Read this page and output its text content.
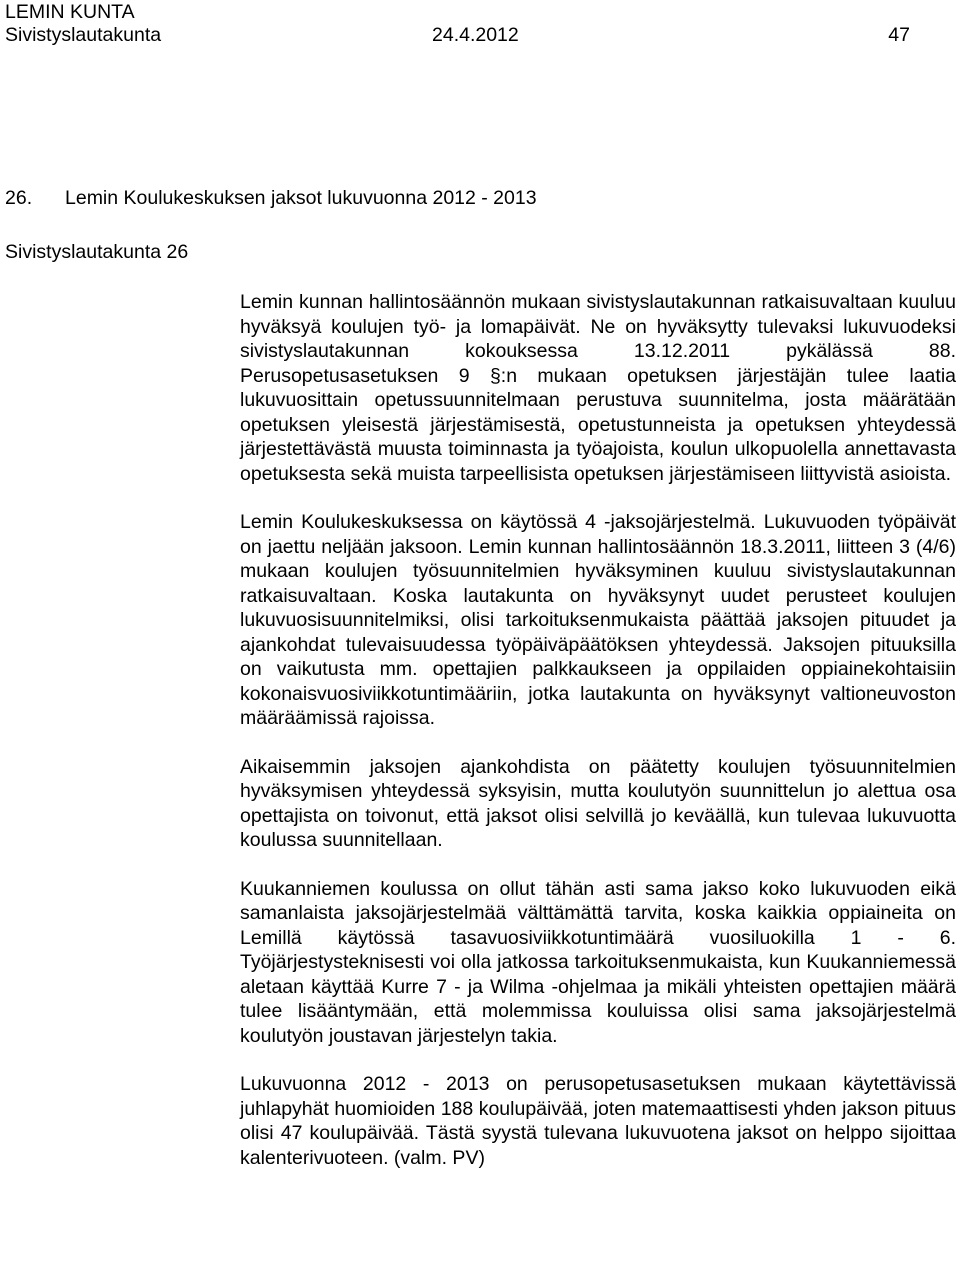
LEMIN KUNTA
Sivistyslautakunta	24.4.2012	47
26. Lemin Koulukeskuksen jaksot lukuvuonna 2012 - 2013
Sivistyslautakunta 26

Lemin kunnan hallintosäännön mukaan sivistyslautakunnan ratkaisuvaltaan kuuluu hyväksyä koulujen työ- ja lomapäivät. Ne on hyväksytty tulevaksi lukuvuodeksi sivistyslautakunnan kokouksessa 13.12.2011 pykälässä 88. Perusopetusasetuksen 9 §:n mukaan opetuksen järjestäjän tulee laatia lukuvuosittain opetussuunnitelmaan perustuva suunnitelma, josta määrätään opetuksen yleisestä järjestämisestä, opetustunneista ja opetuksen yhteydessä järjestettävästä muusta toiminnasta ja työajoista, koulun ulkopuolella annettavasta opetuksesta sekä muista tarpeellisista opetuksen järjestämiseen liittyvistä asioista.

Lemin Koulukeskuksessa on käytössä 4 -jaksojärjestelmä. Lukuvuoden työpäivät on jaettu neljään jaksoon. Lemin kunnan hallintosäännön 18.3.2011, liitteen 3 (4/6) mukaan koulujen työsuunnitelmien hyväksyminen kuuluu sivistyslautakunnan ratkaisuvaltaan. Koska lautakunta on hyväksynyt uudet perusteet koulujen lukuvuosisuunnitelmiksi, olisi tarkoituksenmukaista päättää jaksojen pituudet ja ajankohdat tulevaisuudessa työpäiväpäätöksen yhteydessä. Jaksojen pituuksilla on vaikutusta mm. opettajien palkkaukseen ja oppilaiden oppiainekohtaisiin kokonaisvuosiviikkotuntimääriin, jotka lautakunta on hyväksynyt valtioneuvoston määräämissä rajoissa.

Aikaisemmin jaksojen ajankohdista on päätetty koulujen työsuunnitelmien hyväksymisen yhteydessä syksyisin, mutta koulutyön suunnittelun jo alettua osa opettajista on toivonut, että jaksot olisi selvillä jo keväällä, kun tulevaa lukuvuotta koulussa suunnitellaan.

Kuukanniemen koulussa on ollut tähän asti sama jakso koko lukuvuoden eikä samanlaista jaksojärjestelmää välttämättä tarvita, koska kaikkia oppiaineita on Lemillä käytössä tasavuosiviikkotuntimäärä vuosiluokilla 1 - 6. Työjärjestysteknisesti voi olla jatkossa tarkoituksenmukaista, kun Kuukanniemessä aletaan käyttää Kurre 7 - ja Wilma -ohjelmaa ja mikäli yhteisten opettajien määrä tulee lisääntymään, että molemmissa kouluissa olisi sama jaksojärjestelmä koulutyön joustavan järjestelyn takia.

Lukuvuonna 2012 - 2013 on perusopetusasetuksen mukaan käytettävissä juhlapyhät huomioiden 188 koulupäivää, joten matemaattisesti yhden jakson pituus olisi 47 koulupäivää. Tästä syystä tulevana lukuvuotena jaksot on helppo sijoittaa kalenterivuoteen. (valm. PV)
